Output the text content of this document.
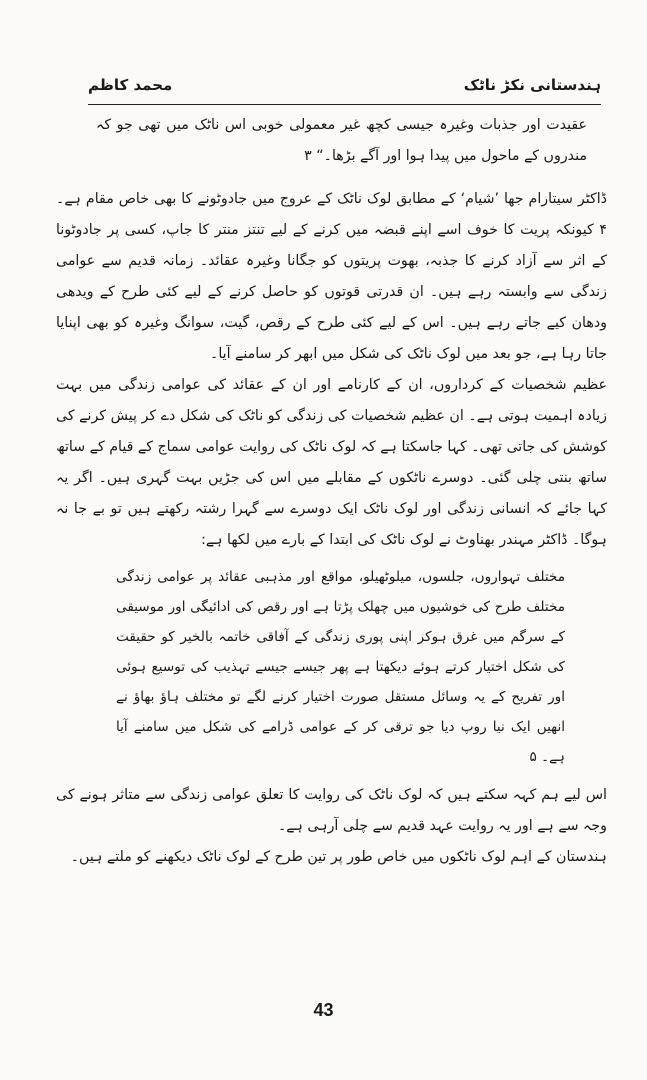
ہندستانی نکڑ ناٹک
محمد کاظم

عقیدت اور جذبات وغیرہ جیسی کچھ غیر معمولی خوبی اس ناٹک میں تھی جو کہ مندروں کے ماحول میں پیدا ہوا اور آگے بڑھا۔“ ۳

ڈاکٹر سیتارام جھا ’شیام‘ کے مطابق لوک ناٹک کے عروج میں جادوٹونے کا بھی خاص مقام ہے۔ ۴ کیونکہ پریت کا خوف اسے اپنے قبضہ میں کرنے کے لیے تنتز منتر کا جاپ، کسی پر جادوٹونا کے اثر سے آزاد کرنے کا جذبہ، بھوت پریتوں کو جگانا وغیرہ عقائد۔ زمانہ قدیم سے عوامی زندگی سے وابستہ رہے ہیں۔ ان قدرتی قوتوں کو حاصل کرنے کے لیے کئی طرح کے ویدھی ودھان کیے جاتے رہے ہیں۔ اس کے لیے کئی طرح کے رقص، گیت، سوانگ وغیرہ کو بھی اپنایا جاتا رہا ہے، جو بعد میں لوک ناٹک کی شکل میں ابھر کر سامنے آیا۔

عظیم شخصیات کے کرداروں، ان کے کارنامے اور ان کے عقائد کی عوامی زندگی میں بہت زیادہ اہمیت ہوتی ہے۔ ان عظیم شخصیات کی زندگی کو ناٹک کی شکل دے کر پیش کرنے کی کوشش کی جاتی تھی۔ کہا جاسکتا ہے کہ لوک ناٹک کی روایت عوامی سماج کے قیام کے ساتھ ساتھ بنتی چلی گئی۔ دوسرے ناٹکوں کے مقابلے میں اس کی جڑیں بہت گہری ہیں۔ اگر یہ کہا جائے کہ انسانی زندگی اور لوک ناٹک ایک دوسرے سے گہرا رشتہ رکھتے ہیں تو بے جا نہ ہوگا۔ ڈاکٹر مہندر بھناوٹ نے لوک ناٹک کی ابتدا کے بارے میں لکھا ہے:

مختلف تہواروں، جلسوں، میلوٹھیلو، مواقع اور مذہبی عقائد پر عوامی زندگی مختلف طرح کی خوشیوں میں چھلک پڑتا ہے اور رقص کی ادائیگی اور موسیقی کے سرگم میں غرق ہوکر اپنی پوری زندگی کے آفاقی خاتمہ بالخیر کو حقیقت کی شکل اختیار کرتے ہوئے دیکھتا ہے پھر جیسے جیسے تہذیب کی توسیع ہوئی اور تفریح کے یہ وسائل مستقل صورت اختیار کرنے لگے تو مختلف ہاؤ بھاؤ نے انھیں ایک نیا روپ دیا جو ترقی کر کے عوامی ڈرامے کی شکل میں سامنے آیا ہے۔ ۵

اس لیے ہم کہہ سکتے ہیں کہ لوک ناٹک کی روایت کا تعلق عوامی زندگی سے متاثر ہونے کی وجہ سے ہے اور یہ روایت عہد قدیم سے چلی آرہی ہے۔

ہندستان کے اہم لوک ناٹکوں میں خاص طور پر تین طرح کے لوک ناٹک دیکھنے کو ملتے ہیں۔

43
